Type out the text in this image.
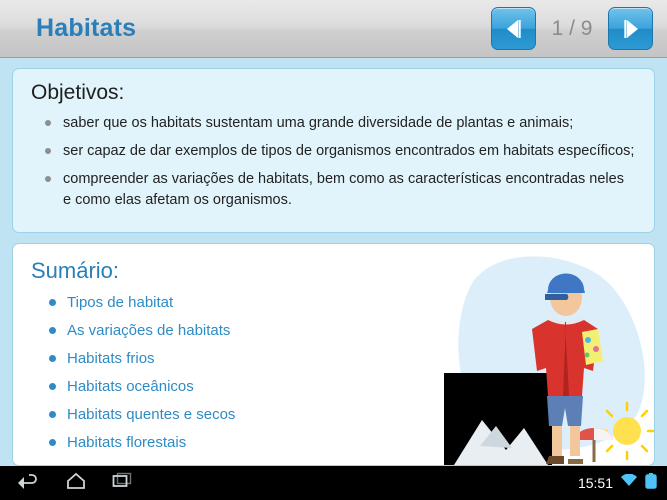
Habitats	1 / 9
Objetivos:
saber que os habitats sustentam uma grande diversidade de plantas e animais;
ser capaz de dar exemplos de tipos de organismos encontrados em habitats específicos;
compreender as variações de habitats, bem como as características encontradas neles e como elas afetam os organismos.
Sumário:
Tipos de habitat
As variações de habitats
Habitats frios
Habitats oceânicos
Habitats quentes e secos
Habitats florestais
15:51
